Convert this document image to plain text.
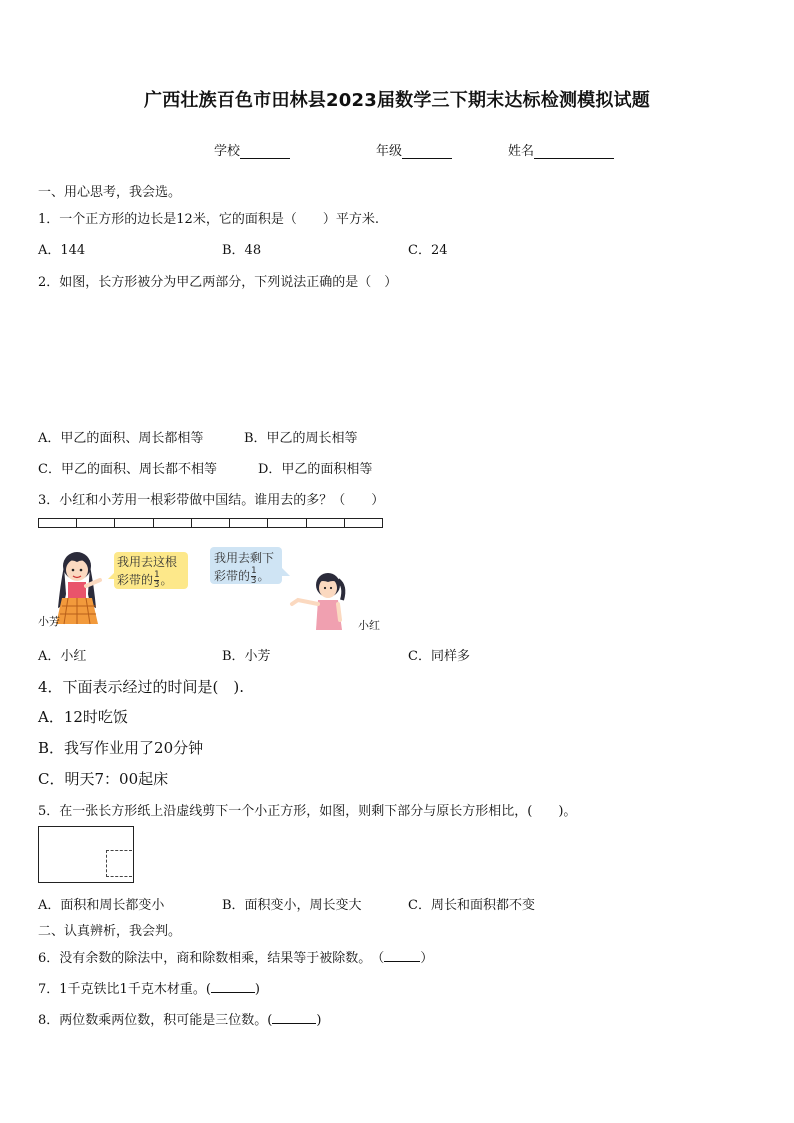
广西壮族百色市田林县2023届数学三下期末达标检测模拟试题
学校	年级	姓名
一、用心思考，我会选。
1．一个正方形的边长是12米，它的面积是（　　）平方米.
A．144	B．48	C．24
2．如图，长方形被分为甲乙两部分，下列说法正确的是（　）
A．甲乙的面积、周长都相等	B．甲乙的周长相等
C．甲乙的面积、周长都不相等	D．甲乙的面积相等
3．小红和小芳用一根彩带做中国结。谁用去的多？（　　）
我用去这根
彩带的 $\frac{1}{3}$ 。
小芳
我用去剩下
彩带的 $\frac{1}{3}$ 。
小红
A．小红	B．小芳	C．同样多
4．下面表示经过的时间是(　).
A．12时吃饭
B．我写作业用了20分钟
C．明天7：00起床
5．在一张长方形纸上沿虚线剪下一个小正方形，如图，则剩下部分与原长方形相比，(　　)。
A．面积和周长都变小	B．面积变小，周长变大	C．周长和面积都不变
二、认真辨析，我会判。
6．没有余数的除法中，商和除数相乘，结果等于被除数。　（	）
7．1千克铁比1千克木材重。(	)
8．两位数乘两位数，积可能是三位数。(	)
